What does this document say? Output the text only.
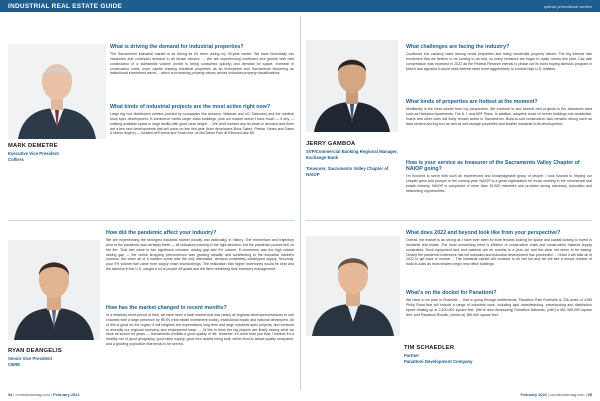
INDUSTRIAL REAL ESTATE GUIDE	special promotional section
MARK DEMETRE
Executive Vice President
Colliers
What is driving the demand for industrial properties?
The Sacramento industrial market is as strong as it's been during my 35-year career. We have historically low vacancies and continued demand in all tenant sectors. ... We are experiencing continued rent growth with new construction of a substantial volume (which is being consumed quickly) and demand for space. Increase in construction costs, more capital chasing industrial properties as an investment and Sacramento becoming an institutional investment arena ... which is increasing property values across industrial property classifications.
What kinds of industrial projects are the most active right now?
Large big box distribution centers (owned by companies like Amazon, Walmart and UC Sciences) and the medical shop spec development. E-commerce needs larger class buildings, plus our market doesn't have much — if any — existing available space in large facility with good clear height. ... We don't foresee any let-down in demand and there are a few new developments that will come on line this year (from developers Buzz Oates, Phelan, Hines and Oates & Marko Argent) — located off Elverta and South Ave. at McClellan Park at Elkhorn/Lake 80.
JERRY GAMBOA
SVP/Commercial Banking Regional Manager, Exchange Bank
Treasurer, Sacramento Valley Chapter of NAIOP
What challenges are facing the industry?
Continued low vacancy rates among rental properties and rising residential property values. The big interest rate movement that we believe to be coming to an end, so many investors are eager to make moves this year. Cap rate compression was expected in 2022 as the Federal Reserve intends to phase out its bond buying stimulus program in March and signaled it would raise interest rates more aggressively to combat high U.S. inflation.
What kinds of properties are hottest at the moment?
Multifamily is the clear winner from my perspective. We continue to see several new projects in the downtown area such as Hampton Apartments, The 8, I, and ARF Place. In addition, adaptive reuse of former buildings into residential, hotels and other uses will likely remain active in Sacramento. Build-to-suit construction also remains strong such as data centers and big box as well as self-storage properties and smaller industrial in-fill development.
How is your service as treasurer of the Sacramento Valley Chapter of NAIOP going?
I'm honored to serve with such an experienced and knowledgeable group of people. I look forward to helping our chapter grow and prosper in the coming year. NAIOP is a great organization for those working in the commercial real estate industry. NAIOP is comprised of more than 15,000 members and provides strong advocacy, education and networking opportunities.
RYAN DEANGELIS
Senior Vice President
CBRE
How did the pandemic affect your industry?
We are experiencing the strongest industrial market (locally and nationally) in history. The momentum and trajectory prior to the pandemic was certainly there — all indicators pointing in the right direction, but the pandemic poured fuel on the fire. That fuel came in two significant volumes: raising gap and 9% volume. E-commerce was the high octane raising gap — the online shopping phenomenon was growing steadily and contributing to the industrial market's success, but when all of a sudden online was the only alternative, demand completely outstripped supply. Secondly, your 9% volume fuel came from supply chain shortcomings. The realization that higher inventories would be kept and the laziness in the U.S. caught a lot of people off guard and left them rethinking their inventory management.
How has the market changed in recent months?
In a relatively short period of time, we have seen a local market that was nearly all regional developers/investors to one crowded with a large presence by REITs (real estate investment trusts), institutional equity and national developers. All of this is good for the region; it will heighten the expectations long term and large industrial spec projects, and continue to diversify our regional economy and employment base. ... I'd like to think the big players are finally seeing what we have all known for years — Sacramento exhibits a good quality of life. However, it's more than just that. I believe it's a healthy mix of good geography, good labor supply, good new assets being built, which tend to attract quality occupants, and a growing population that tends to be served.
TIM SCHAEDLER
Partner
Panattoni Development Company
What does 2022 and beyond look like from your perspective?
Overall, the market is as strong as I have ever seen for both tenants looking for space and capital looking to invest in industrial real estate. The most concerning trend is inflation of construction costs and construction material supply constraints. Dock equipment and roof material are on months to a year out and the clear not seem to be easing. Clearly the pandemic bottleneck has not subsided and industrial development has proceeded ... I think it will take all of 2022 to get back to normal ... The industrial market will continue to be red hot and we will see a record number of build-to-suits as most tenders begin new office buildings.
What's on the docket for Panattoni?
We have a run park in Roseville ... that is going through entitlements. Panattoni Park Roseville is 236 acres of 4.8M Philip Road that will include a range of industrial uses, including light manufacturing, warehousing and distribution space totaling up to 2,400,000 square feet. (We're also developing) Panattoni Natomas, (with) a 4M, 965,000 square feet, and Panattoni Rocklin, (which is) 350,000 square feet.
94 | comstocksmag.com | February 2022	February 2022 | comstocksmag.com | 95
